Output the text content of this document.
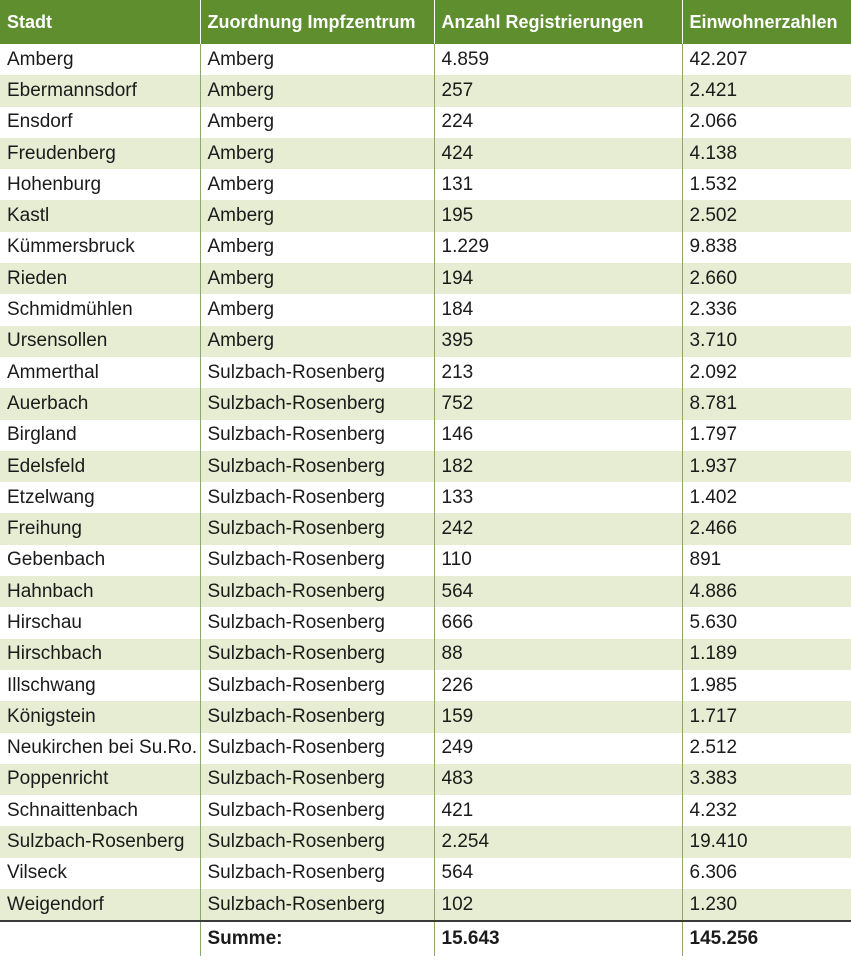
Stadt	Zuordnung Impfzentrum	Anzahl Registrierungen	Einwohnerzahlen
Amberg	Amberg	4.859	42.207
Ebermannsdorf	Amberg	257	2.421
Ensdorf	Amberg	224	2.066
Freudenberg	Amberg	424	4.138
Hohenburg	Amberg	131	1.532
Kastl	Amberg	195	2.502
Kümmersbruck	Amberg	1.229	9.838
Rieden	Amberg	194	2.660
Schmidmühlen	Amberg	184	2.336
Ursensollen	Amberg	395	3.710
Ammerthal	Sulzbach-Rosenberg	213	2.092
Auerbach	Sulzbach-Rosenberg	752	8.781
Birgland	Sulzbach-Rosenberg	146	1.797
Edelsfeld	Sulzbach-Rosenberg	182	1.937
Etzelwang	Sulzbach-Rosenberg	133	1.402
Freihung	Sulzbach-Rosenberg	242	2.466
Gebenbach	Sulzbach-Rosenberg	110	891
Hahnbach	Sulzbach-Rosenberg	564	4.886
Hirschau	Sulzbach-Rosenberg	666	5.630
Hirschbach	Sulzbach-Rosenberg	88	1.189
Illschwang	Sulzbach-Rosenberg	226	1.985
Königstein	Sulzbach-Rosenberg	159	1.717
Neukirchen bei Su.Ro.	Sulzbach-Rosenberg	249	2.512
Poppenricht	Sulzbach-Rosenberg	483	3.383
Schnaittenbach	Sulzbach-Rosenberg	421	4.232
Sulzbach-Rosenberg	Sulzbach-Rosenberg	2.254	19.410
Vilseck	Sulzbach-Rosenberg	564	6.306
Weigendorf	Sulzbach-Rosenberg	102	1.230
	Summe:	15.643	145.256
